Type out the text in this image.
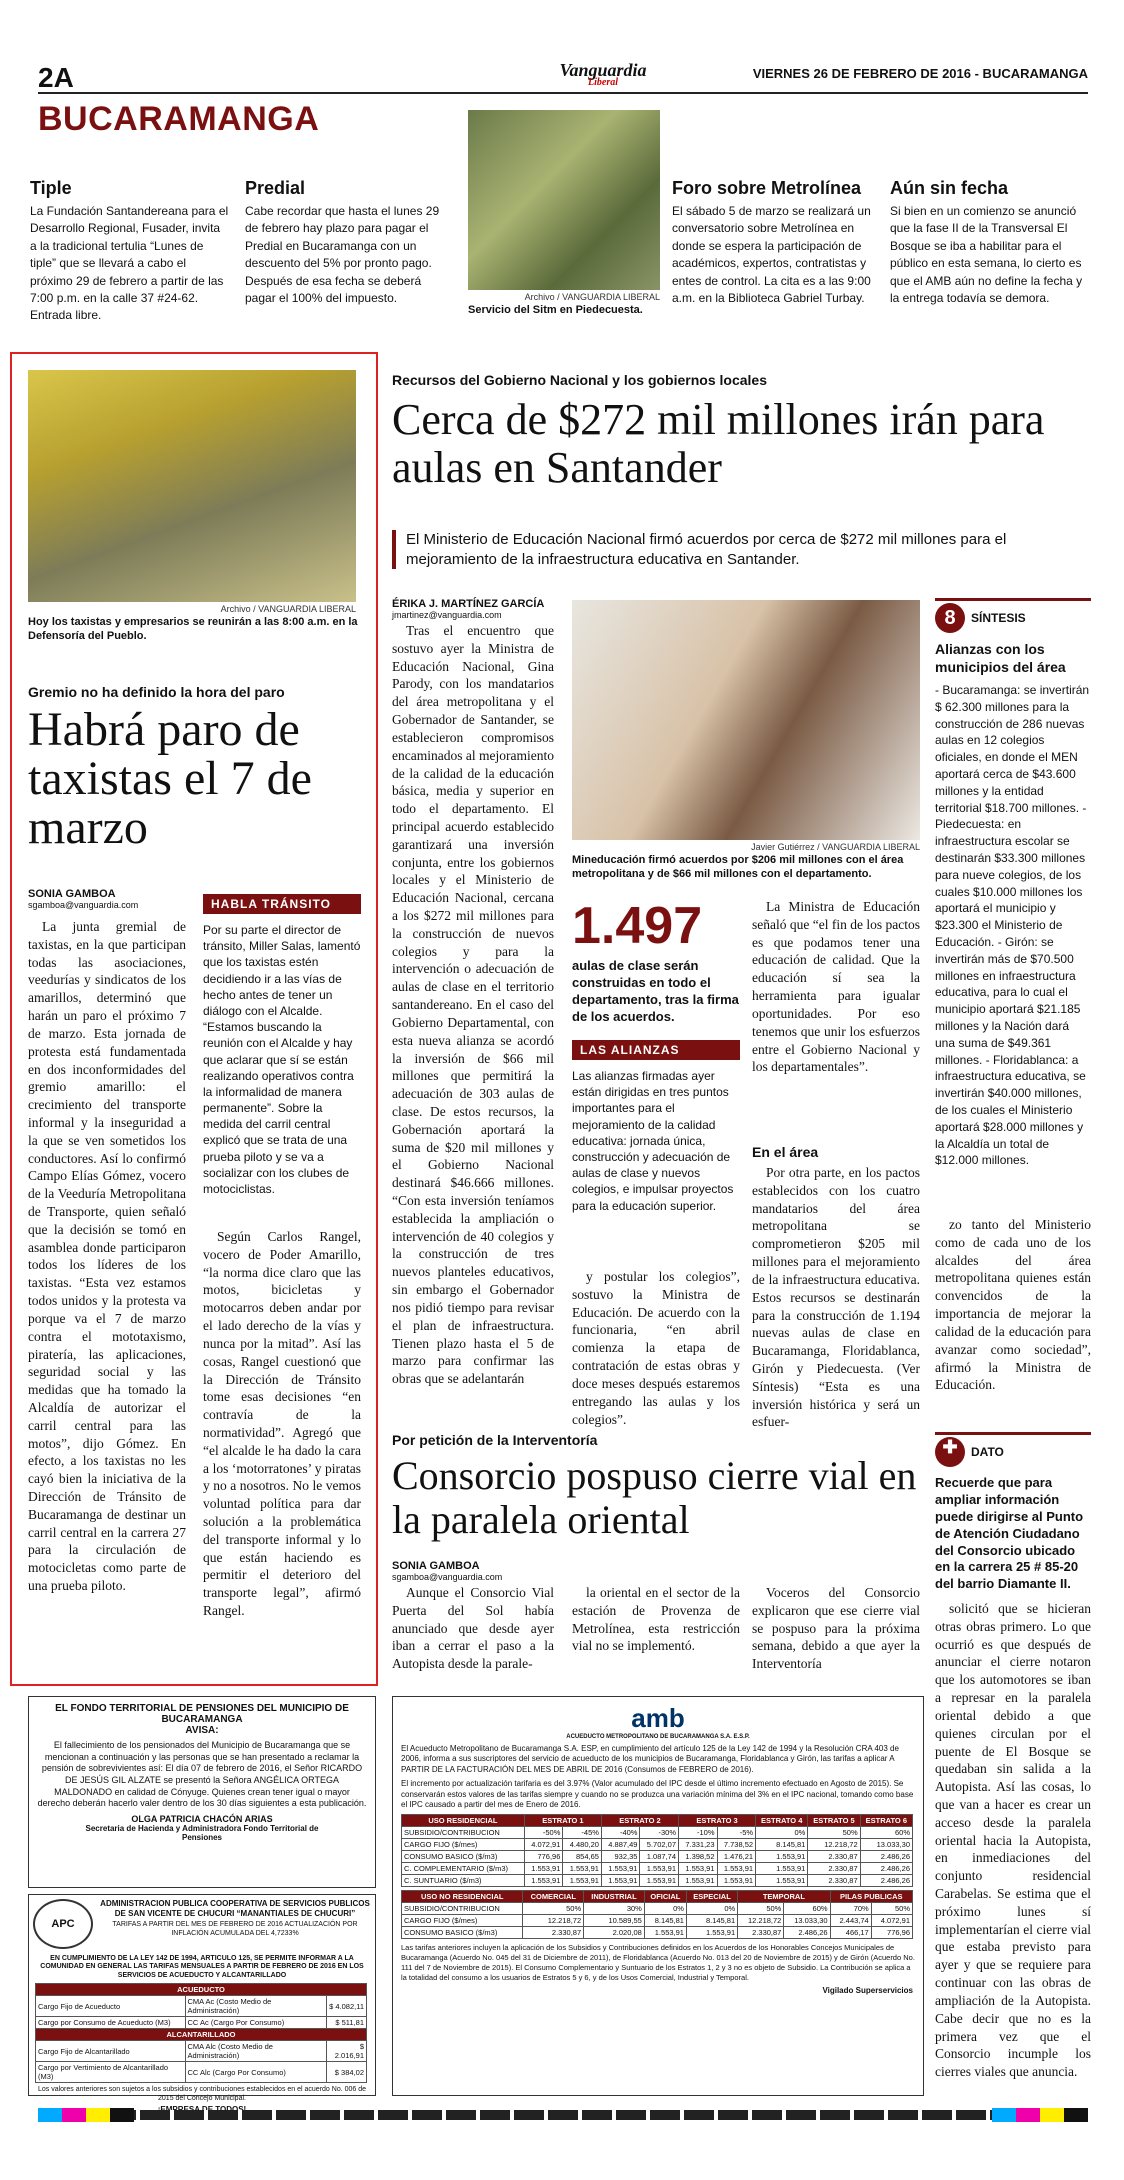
2A	Vanguardia
Liberal
VIERNES 26 DE FEBRERO DE 2016 - BUCARAMANGA
BUCARAMANGA
Tiple

La Fundación Santandereana para el Desarrollo Regional, Fusader, invita a la tradicional tertulia “Lunes de tiple” que se llevará a cabo el próximo 29 de febrero a partir de las 7:00 p.m. en la calle 37 #24-62. Entrada libre.

Predial

Cabe recordar que hasta el lunes 29 de febrero hay plazo para pagar el Predial en Bucaramanga con un descuento del 5% por pronto pago. Después de esa fecha se deberá pagar el 100% del impuesto.	Archivo / VANGUARDIA LIBERAL
Servicio del Sitm en Piedecuesta.
Foro sobre Metrolínea

El sábado 5 de marzo se realizará un conversatorio sobre Metrolínea en donde se espera la participación de académicos, expertos, contratistas y entes de control. La cita es a las 9:00 a.m. en la Biblioteca Gabriel Turbay.

Aún sin fecha

Si bien en un comienzo se anunció que la fase II de la Transversal El Bosque se iba a habilitar para el público en esta semana, lo cierto es que el AMB aún no define la fecha y la entrega todavía se demora.

Archivo / VANGUARDIA LIBERAL
Hoy los taxistas y empresarios se reunirán a las 8:00 a.m. en la Defensoría del Pueblo.
Gremio no ha definido la hora del paro
Habrá paro de taxistas el 7 de marzo
SONIA GAMBOA
sgamboa@vanguardia.com

La junta gremial de taxistas, en la que participan todas las asociaciones, veedurías y sindicatos de los amarillos, determinó que harán un paro el próximo 7 de marzo. Esta jornada de protesta está fundamentada en dos inconformidades del gremio amarillo: el crecimiento del transporte informal y la inseguridad a la que se ven sometidos los conductores. Así lo confirmó Campo Elías Gómez, vocero de la Veeduría Metropolitana de Transporte, quien señaló que la decisión se tomó en asamblea donde participaron todos los líderes de los taxistas. “Esta vez estamos todos unidos y la protesta va porque va el 7 de marzo contra el mototaxismo, piratería, las aplicaciones, seguridad social y las medidas que ha tomado la Alcaldía de autorizar el carril central para las motos”, dijo Gómez. En efecto, a los taxistas no les cayó bien la iniciativa de la Dirección de Tránsito de Bucaramanga de destinar un carril central en la carrera 27 para la circulación de motocicletas como parte de una prueba piloto.

HABLA TRÁNSITO

Por su parte el director de tránsito, Miller Salas, lamentó que los taxistas estén decidiendo ir a las vías de hecho antes de tener un diálogo con el Alcalde. “Estamos buscando la reunión con el Alcalde y hay que aclarar que sí se están realizando operativos contra la informalidad de manera permanente”. Sobre la medida del carril central explicó que se trata de una prueba piloto y se va a socializar con los clubes de motociclistas.

Según Carlos Rangel, vocero de Poder Amarillo, “la norma dice claro que las motos, bicicletas y motocarros deben andar por el lado derecho de la vías y nunca por la mitad”. Así las cosas, Rangel cuestionó que la Dirección de Tránsito tome esas decisiones “en contravía de la normatividad”. Agregó que “el alcalde le ha dado la cara a los ‘motorratones’ y piratas y no a nosotros. No le vemos voluntad política para dar solución a la problemática del transporte informal y lo que están haciendo es permitir el deterioro del transporte legal”, afirmó Rangel.

Recursos del Gobierno Nacional y los gobiernos locales
Cerca de $272 mil millones irán para aulas en Santander
El Ministerio de Educación Nacional firmó acuerdos por cerca de $272 mil millones para el mejoramiento de la infraestructura educativa en Santander.
ÉRIKA J. MARTÍNEZ GARCÍA
jmartinez@vanguardia.com

Tras el encuentro que sostuvo ayer la Ministra de Educación Nacional, Gina Parody, con los mandatarios del área metropolitana y el Gobernador de Santander, se establecieron compromisos encaminados al mejoramiento de la calidad de la educación básica, media y superior en todo el departamento. El principal acuerdo establecido garantizará una inversión conjunta, entre los gobiernos locales y el Ministerio de Educación Nacional, cercana a los $272 mil millones para la construcción de nuevos colegios y para la intervención o adecuación de aulas de clase en el territorio santandereano. En el caso del Gobierno Departamental, con esta nueva alianza se acordó la inversión de $66 mil millones que permitirá la adecuación de 303 aulas de clase. De estos recursos, la Gobernación aportará la suma de $20 mil millones y el Gobierno Nacional destinará $46.666 millones. “Con esta inversión teníamos establecida la ampliación o intervención de 40 colegios y la construcción de tres nuevos planteles educativos, sin embargo el Gobernador nos pidió tiempo para revisar el plan de infraestructura. Tienen plazo hasta el 5 de marzo para confirmar las obras que se adelantarán

Javier Gutiérrez / VANGUARDIA LIBERAL
Mineducación firmó acuerdos por $206 mil millones con el área metropolitana y de $66 mil millones con el departamento.
1.497
aulas de clase serán construidas en todo el departamento, tras la firma de los acuerdos.
LAS ALIANZAS

Las alianzas firmadas ayer están dirigidas en tres puntos importantes para el mejoramiento de la calidad educativa: jornada única, construcción y adecuación de aulas de clase y nuevos colegios, e impulsar proyectos para la educación superior.

y postular los colegios”, sostuvo la Ministra de Educación. De acuerdo con la funcionaria, “en abril comienza la etapa de contratación de estas obras y doce meses después estaremos entregando las aulas y los colegios”.

La Ministra de Educación señaló que “el fin de los pactos es que podamos tener una educación de calidad. Que la educación sí sea la herramienta para igualar oportunidades. Por eso tenemos que unir los esfuerzos entre el Gobierno Nacional y los departamentales”.

En el área

Por otra parte, en los pactos establecidos con los cuatro mandatarios del área metropolitana se comprometieron $205 mil millones para el mejoramiento de la infraestructura educativa. Estos recursos se destinarán para la construcción de 1.194 nuevas aulas de clase en Bucaramanga, Floridablanca, Girón y Piedecuesta. (Ver Síntesis) “Esta es una inversión histórica y será un esfuer-

8	SÍNTESIS
Alianzas con los municipios del área
- Bucaramanga: se invertirán $ 62.300 millones para la construcción de 286 nuevas aulas en 12 colegios oficiales, en donde el MEN aportará cerca de $43.600 millones y la entidad territorial $18.700 millones. - Piedecuesta: en infraestructura escolar se destinarán $33.300 millones para nueve colegios, de los cuales $10.000 millones los aportará el municipio y $23.300 el Ministerio de Educación. - Girón: se invertirán más de $70.500 millones en infraestructura educativa, para lo cual el municipio aportará $21.185 millones y la Nación dará una suma de $49.361 millones. - Floridablanca: a infraestructura educativa, se invertirán $40.000 millones, de los cuales el Ministerio aportará $28.000 millones y la Alcaldía un total de $12.000 millones.

zo tanto del Ministerio como de cada uno de los alcaldes del área metropolitana quienes están convencidos de la importancia de mejorar la calidad de la educación para avanzar como sociedad”, afirmó la Ministra de Educación.

Por petición de la Interventoría
Consorcio pospuso cierre vial en la paralela oriental
SONIA GAMBOA
sgamboa@vanguardia.com

Aunque el Consorcio Vial Puerta del Sol había anunciado que desde ayer iban a cerrar el paso a la Autopista desde la parale-

la oriental en el sector de la estación de Provenza de Metrolínea, esta restricción vial no se implementó.

Voceros del Consorcio explicaron que ese cierre vial se pospuso para la próxima semana, debido a que ayer la Interventoría

✚	DATO
Recuerde que para ampliar información puede dirigirse al Punto de Atención Ciudadano del Consorcio ubicado en la carrera 25 # 85-20 del barrio Diamante II.

solicitó que se hicieran otras obras primero. Lo que ocurrió es que después de anunciar el cierre notaron que los automotores se iban a represar en la paralela oriental debido a que quienes circulan por el puente de El Bosque se quedaban sin salida a la Autopista. Así las cosas, lo que van a hacer es crear un acceso desde la paralela oriental hacia la Autopista, en inmediaciones del conjunto residencial Carabelas. Se estima que el próximo lunes sí implementarían el cierre vial que estaba previsto para ayer y que se requiere para continuar con las obras de ampliación de la Autopista. Cabe decir que no es la primera vez que el Consorcio incumple los cierres viales que anuncia.

EL FONDO TERRITORIAL DE PENSIONES DEL MUNICIPIO DE BUCARAMANGA
AVISA:
El fallecimiento de los pensionados del Municipio de Bucaramanga que se mencionan a continuación y las personas que se han presentado a reclamar la pensión de sobrevivientes así: El día 07 de febrero de 2016, el Señor RICARDO DE JESÚS GIL ALZATE se presentó la Señora ANGÉLICA ORTEGA MALDONADO en calidad de Cónyuge. Quienes crean tener igual o mayor derecho deberán hacerlo valer dentro de los 30 días siguientes a esta publicación.
OLGA PATRICIA CHACÓN ARIAS
Secretaria de Hacienda y Administradora Fondo Territorial de Pensiones
APC
ADMINISTRACION PUBLICA COOPERATIVA DE SERVICIOS PUBLICOS DE SAN VICENTE DE CHUCURI “MANANTIALES DE CHUCURI”
TARIFAS A PARTIR DEL MES DE FEBRERO DE 2016 ACTUALIZACIÓN POR INFLACIÓN ACUMULADA DEL 4,7233%
EN CUMPLIMIENTO DE LA LEY 142 DE 1994, ARTICULO 125, SE PERMITE INFORMAR A LA COMUNIDAD EN GENERAL LAS TARIFAS MENSUALES A PARTIR DE FEBRERO DE 2016 EN LOS SERVICIOS DE ACUEDUCTO Y ALCANTARILLADO
ACUEDUCTO		
Cargo Fijo de Acueducto	CMA Ac (Costo Medio de Administración)	$ 4.082,11
Cargo por Consumo de Acueducto (M3)	CC Ac (Cargo Por Consumo)	$ 511,81
ALCANTARILLADO		
Cargo Fijo de Alcantarillado	CMA Alc (Costo Medio de Administración)	$ 2.016,91
Cargo por Vertimiento de Alcantarillado (M3)	CC Alc (Cargo Por Consumo)	$ 384,02
Los valores anteriores son sujetos a los subsidios y contribuciones establecidos en el acuerdo No. 006 de 2015 del Concejo Municipal.
amb
ACUEDUCTO METROPOLITANO DE BUCARAMANGA S.A. E.S.P.
El Acueducto Metropolitano de Bucaramanga S.A. ESP, en cumplimiento del artículo 125 de la Ley 142 de 1994 y la Resolución CRA 403 de 2006, informa a sus suscriptores del servicio de acueducto de los municipios de Bucaramanga, Floridablanca y Girón, las tarifas a aplicar A PARTIR DE LA FACTURACIÓN DEL MES DE ABRIL DE 2016 (Consumos de FEBRERO de 2016).
El incremento por actualización tarifaria es del 3.97% (Valor acumulado del IPC desde el último incremento efectuado en Agosto de 2015). Se conservarán estos valores de las tarifas siempre y cuando no se produzca una variación mínima del 3% en el IPC nacional, tomando como base el IPC causado a partir del mes de Enero de 2016.
USO RESIDENCIAL	ESTRATO 1		ESTRATO 2		ESTRATO 3		ESTRATO 4	ESTRATO 5	ESTRATO 6
SUBSIDIO/CONTRIBUCION	-50%	-45%	-40%	-30%	-10%	-5%	0%	50%	60%
CARGO FIJO ($/mes)	4.072,91	4.480,20	4.887,49	5.702,07	7.331,23	7.738,52	8.145,81	12.218,72	13.033,30
CONSUMO BASICO ($/m3)	776,96	854,65	932,35	1.087,74	1.398,52	1.476,21	1.553,91	2.330,87	2.486,26
C. COMPLEMENTARIO ($/m3)	1.553,91	1.553,91	1.553,91	1.553,91	1.553,91	1.553,91	1.553,91	2.330,87	2.486,26
C. SUNTUARIO ($/m3)	1.553,91	1.553,91	1.553,91	1.553,91	1.553,91	1.553,91	1.553,91	2.330,87	2.486,26
USO NO RESIDENCIAL	COMERCIAL	INDUSTRIAL	OFICIAL	ESPECIAL	TEMPORAL		PILAS PUBLICAS	
SUBSIDIO/CONTRIBUCION	50%	30%	0%	0%	50%	60%	70%	50%
CARGO FIJO ($/mes)	12.218,72	10.589,55	8.145,81	8.145,81	12.218,72	13.033,30	2.443,74	4.072,91
CONSUMO BASICO ($/m3)	2.330,87	2.020,08	1.553,91	1.553,91	2.330,87	2.486,26	466,17	776,96
Las tarifas anteriores incluyen la aplicación de los Subsidios y Contribuciones definidos en los Acuerdos de los Honorables Concejos Municipales de Bucaramanga (Acuerdo No. 045 del 31 de Diciembre de 2011), de Floridablanca (Acuerdo No. 013 del 20 de Noviembre de 2015) y de Girón (Acuerdo No. 111 del 7 de Noviembre de 2015). El Consumo Complementario y Suntuario de los Estratos 1, 2 y 3 no es objeto de Subsidio. La Contribución se aplica a la totalidad del consumo a los usuarios de Estratos 5 y 6, y de los Usos Comercial, Industrial y Temporal.
Vigilado Superservicios
